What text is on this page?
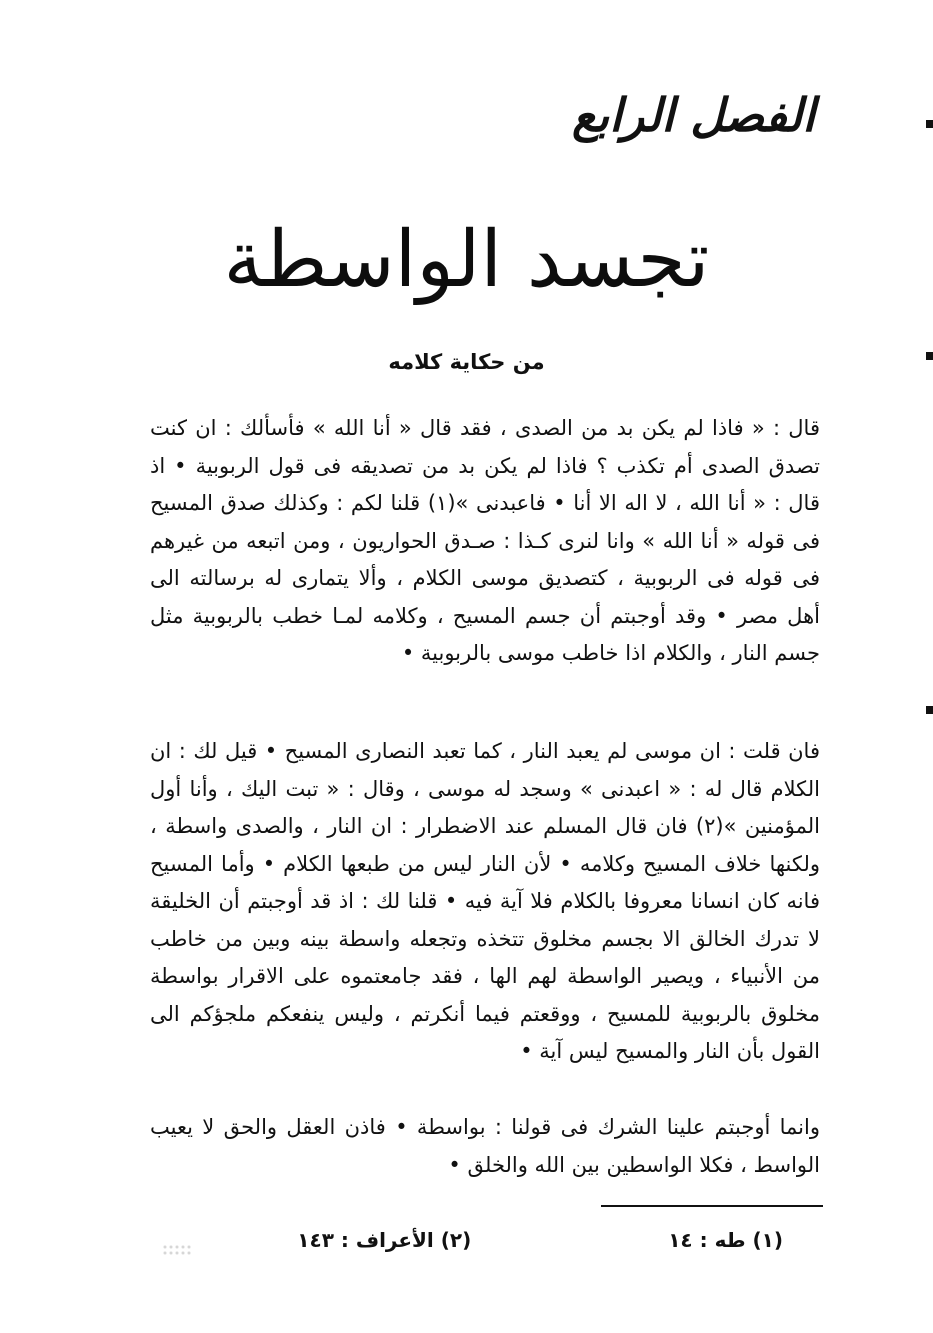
الفصل الرابع
تجسد الواسطة
من حكاية كلامه

قال : « فاذا لم يكن بد من الصدى ، فقد قال « أنا الله » فأسألك : ان كنت تصدق الصدى أم تكذب ؟ فاذا لم يكن بد من تصديقه فى قول الربوبية • اذ قال : « أنا الله ، لا اله الا أنا • فاعبدنى »(١) قلنا لكم : وكذلك صدق المسيح فى قوله « أنا الله » وانا لنرى كـذا : صـدق الحواريون ، ومن اتبعه من غيرهم فى قوله فى الربوبية ، كتصديق موسى الكلام ، وألا يتمارى له برسالته الى أهل مصر • وقد أوجبتم أن جسم المسيح ، وكلامه لمـا خطب بالربوبية مثل جسم النار ، والكلام اذا خاطب موسى بالربوبية •

فان قلت : ان موسى لم يعبد النار ، كما تعبد النصارى المسيح • قيل لك : ان الكلام قال له : « اعبدنى » وسجد له موسى ، وقال : « تبت اليك ، وأنا أول المؤمنين »(٢) فان قال المسلم عند الاضطرار : ان النار ، والصدى واسطة ، ولكنها خلاف المسيح وكلامه • لأن النار ليس من طبعها الكلام • وأما المسيح فانه كان انسانا معروفا بالكلام فلا آية فيه • قلنا لك : اذ قد أوجبتم أن الخليقة لا تدرك الخالق الا بجسم مخلوق تتخذه وتجعله واسطة بينه وبين من خاطب من الأنبياء ، ويصير الواسطة لهم الها ، فقد جامعتموه على الاقرار بواسطة مخلوق بالربوبية للمسيح ، ووقعتم فيما أنكرتم ، وليس ينفعكم ملجؤكم الى القول بأن النار والمسيح ليس آية •

وانما أوجبتم علينا الشرك فى قولنا : بواسطة • فاذن العقل والحق لا يعيب الواسط ، فكلا الواسطين بين الله والخلق •

(١) طه : ١٤ (٢) الأعراف : ١٤٣
